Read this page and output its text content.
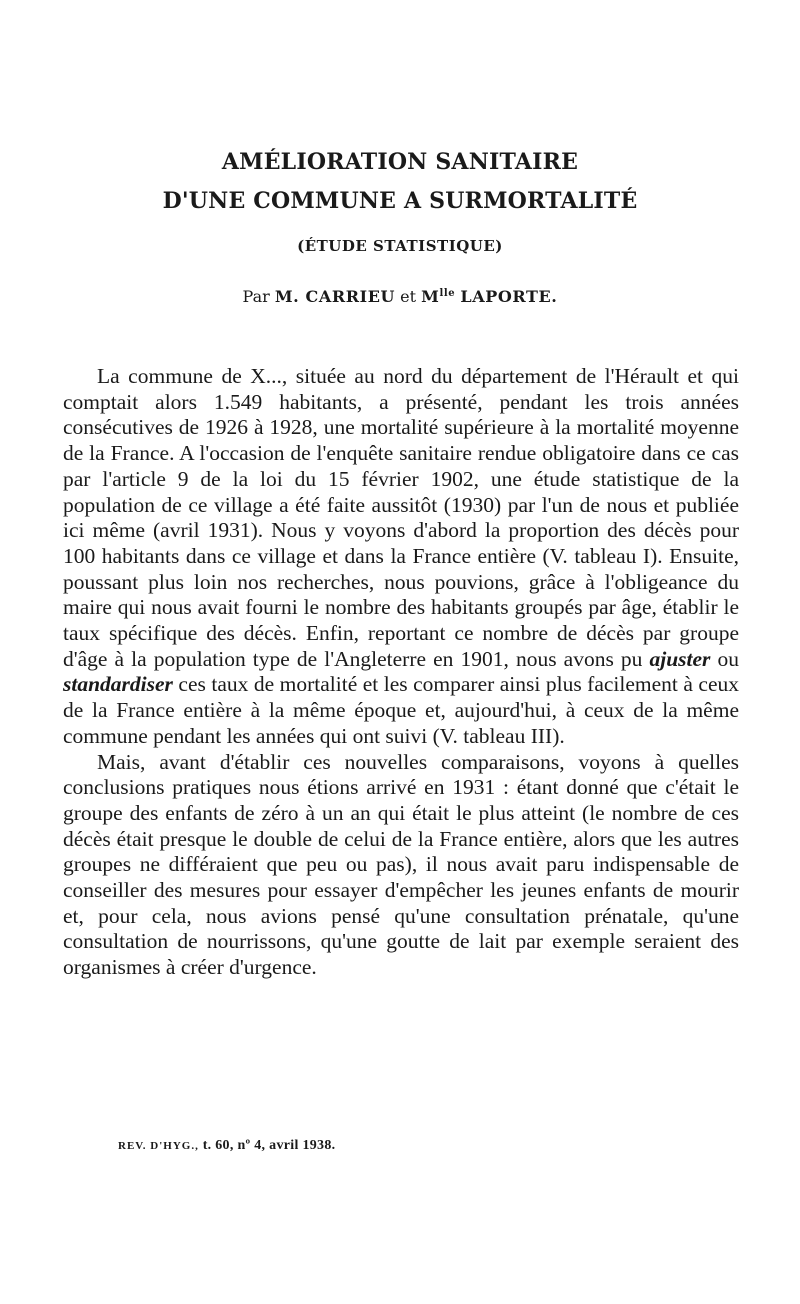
AMÉLIORATION SANITAIRE
D'UNE COMMUNE A SURMORTALITÉ
(ÉTUDE STATISTIQUE)
Par M. CARRIEU et $M^{lle}$ LAPORTE.

La commune de X..., située au nord du département de l'Hérault et qui comptait alors 1.549 habitants, a présenté, pendant les trois années consécutives de 1926 à 1928, une mortalité supérieure à la mortalité moyenne de la France. A l'occasion de l'enquête sanitaire rendue obligatoire dans ce cas par l'article 9 de la loi du 15 février 1902, une étude statistique de la population de ce village a été faite aussitôt (1930) par l'un de nous et publiée ici même (avril 1931). Nous y voyons d'abord la proportion des décès pour 100 habitants dans ce village et dans la France entière (V. tableau I). Ensuite, poussant plus loin nos recherches, nous pouvions, grâce à l'obligeance du maire qui nous avait fourni le nombre des habitants groupés par âge, établir le taux spécifique des décès. Enfin, reportant ce nombre de décès par groupe d'âge à la population type de l'Angleterre en 1901, nous avons pu ajuster ou standardiser ces taux de mortalité et les comparer ainsi plus facilement à ceux de la France entière à la même époque et, aujourd'hui, à ceux de la même commune pendant les années qui ont suivi (V. tableau III).

Mais, avant d'établir ces nouvelles comparaisons, voyons à quelles conclusions pratiques nous étions arrivé en 1931 : étant donné que c'était le groupe des enfants de zéro à un an qui était le plus atteint (le nombre de ces décès était presque le double de celui de la France entière, alors que les autres groupes ne différaient que peu ou pas), il nous avait paru indispensable de conseiller des mesures pour essayer d'empêcher les jeunes enfants de mourir et, pour cela, nous avions pensé qu'une consultation prénatale, qu'une consultation de nourrissons, qu'une goutte de lait par exemple seraient des organismes à créer d'urgence.

REV. D'HYG., t. 60, nº 4, avril 1938.
